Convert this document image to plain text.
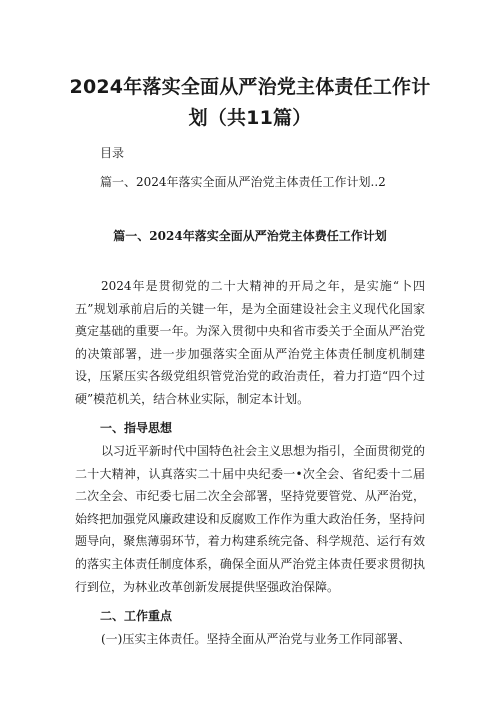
2024年落实全面从严治党主体责任工作计
划（共11篇）
目录
篇一、2024年落实全面从严治党主体责任工作计划..2
篇一、2024年落实全面从严治党主体费任工作计划

2024年是贯彻党的二十大精神的开局之年，是实施“卜四五”规划承前启后的关键一年，是为全面建设社会主义现代化国家奠定基础的重要一年。为深入贯彻中央和省市委关于全面从严治党的决策部署，进一步加强落实全面从严治党主体责任制度机制建设，压紧压实各级党组织管党治党的政治责任，着力打造“四个过硬”模范机关，结合林业实际，制定本计划。

一、指导思想

以习近平新时代中国特色社会主义思想为指引，全面贯彻党的二十大精神，认真落实二十届中央纪委一•次全会、省纪委十二届二次全会、市纪委七届二次全会部署，坚持党要管党、从严治党，始终把加强党风廉政建设和反腐败工作作为重大政治任务，坚持问题导向，聚焦薄弱环节，着力构建系统完备、科学规范、运行有效的落实主体责任制度体系，确保全面从严治党主体责任要求贯彻执行到位，为林业改革创新发展提供坚强政治保障。

二、工作重点

(一)压实主体责任。坚持全面从严治党与业务工作同部署、
